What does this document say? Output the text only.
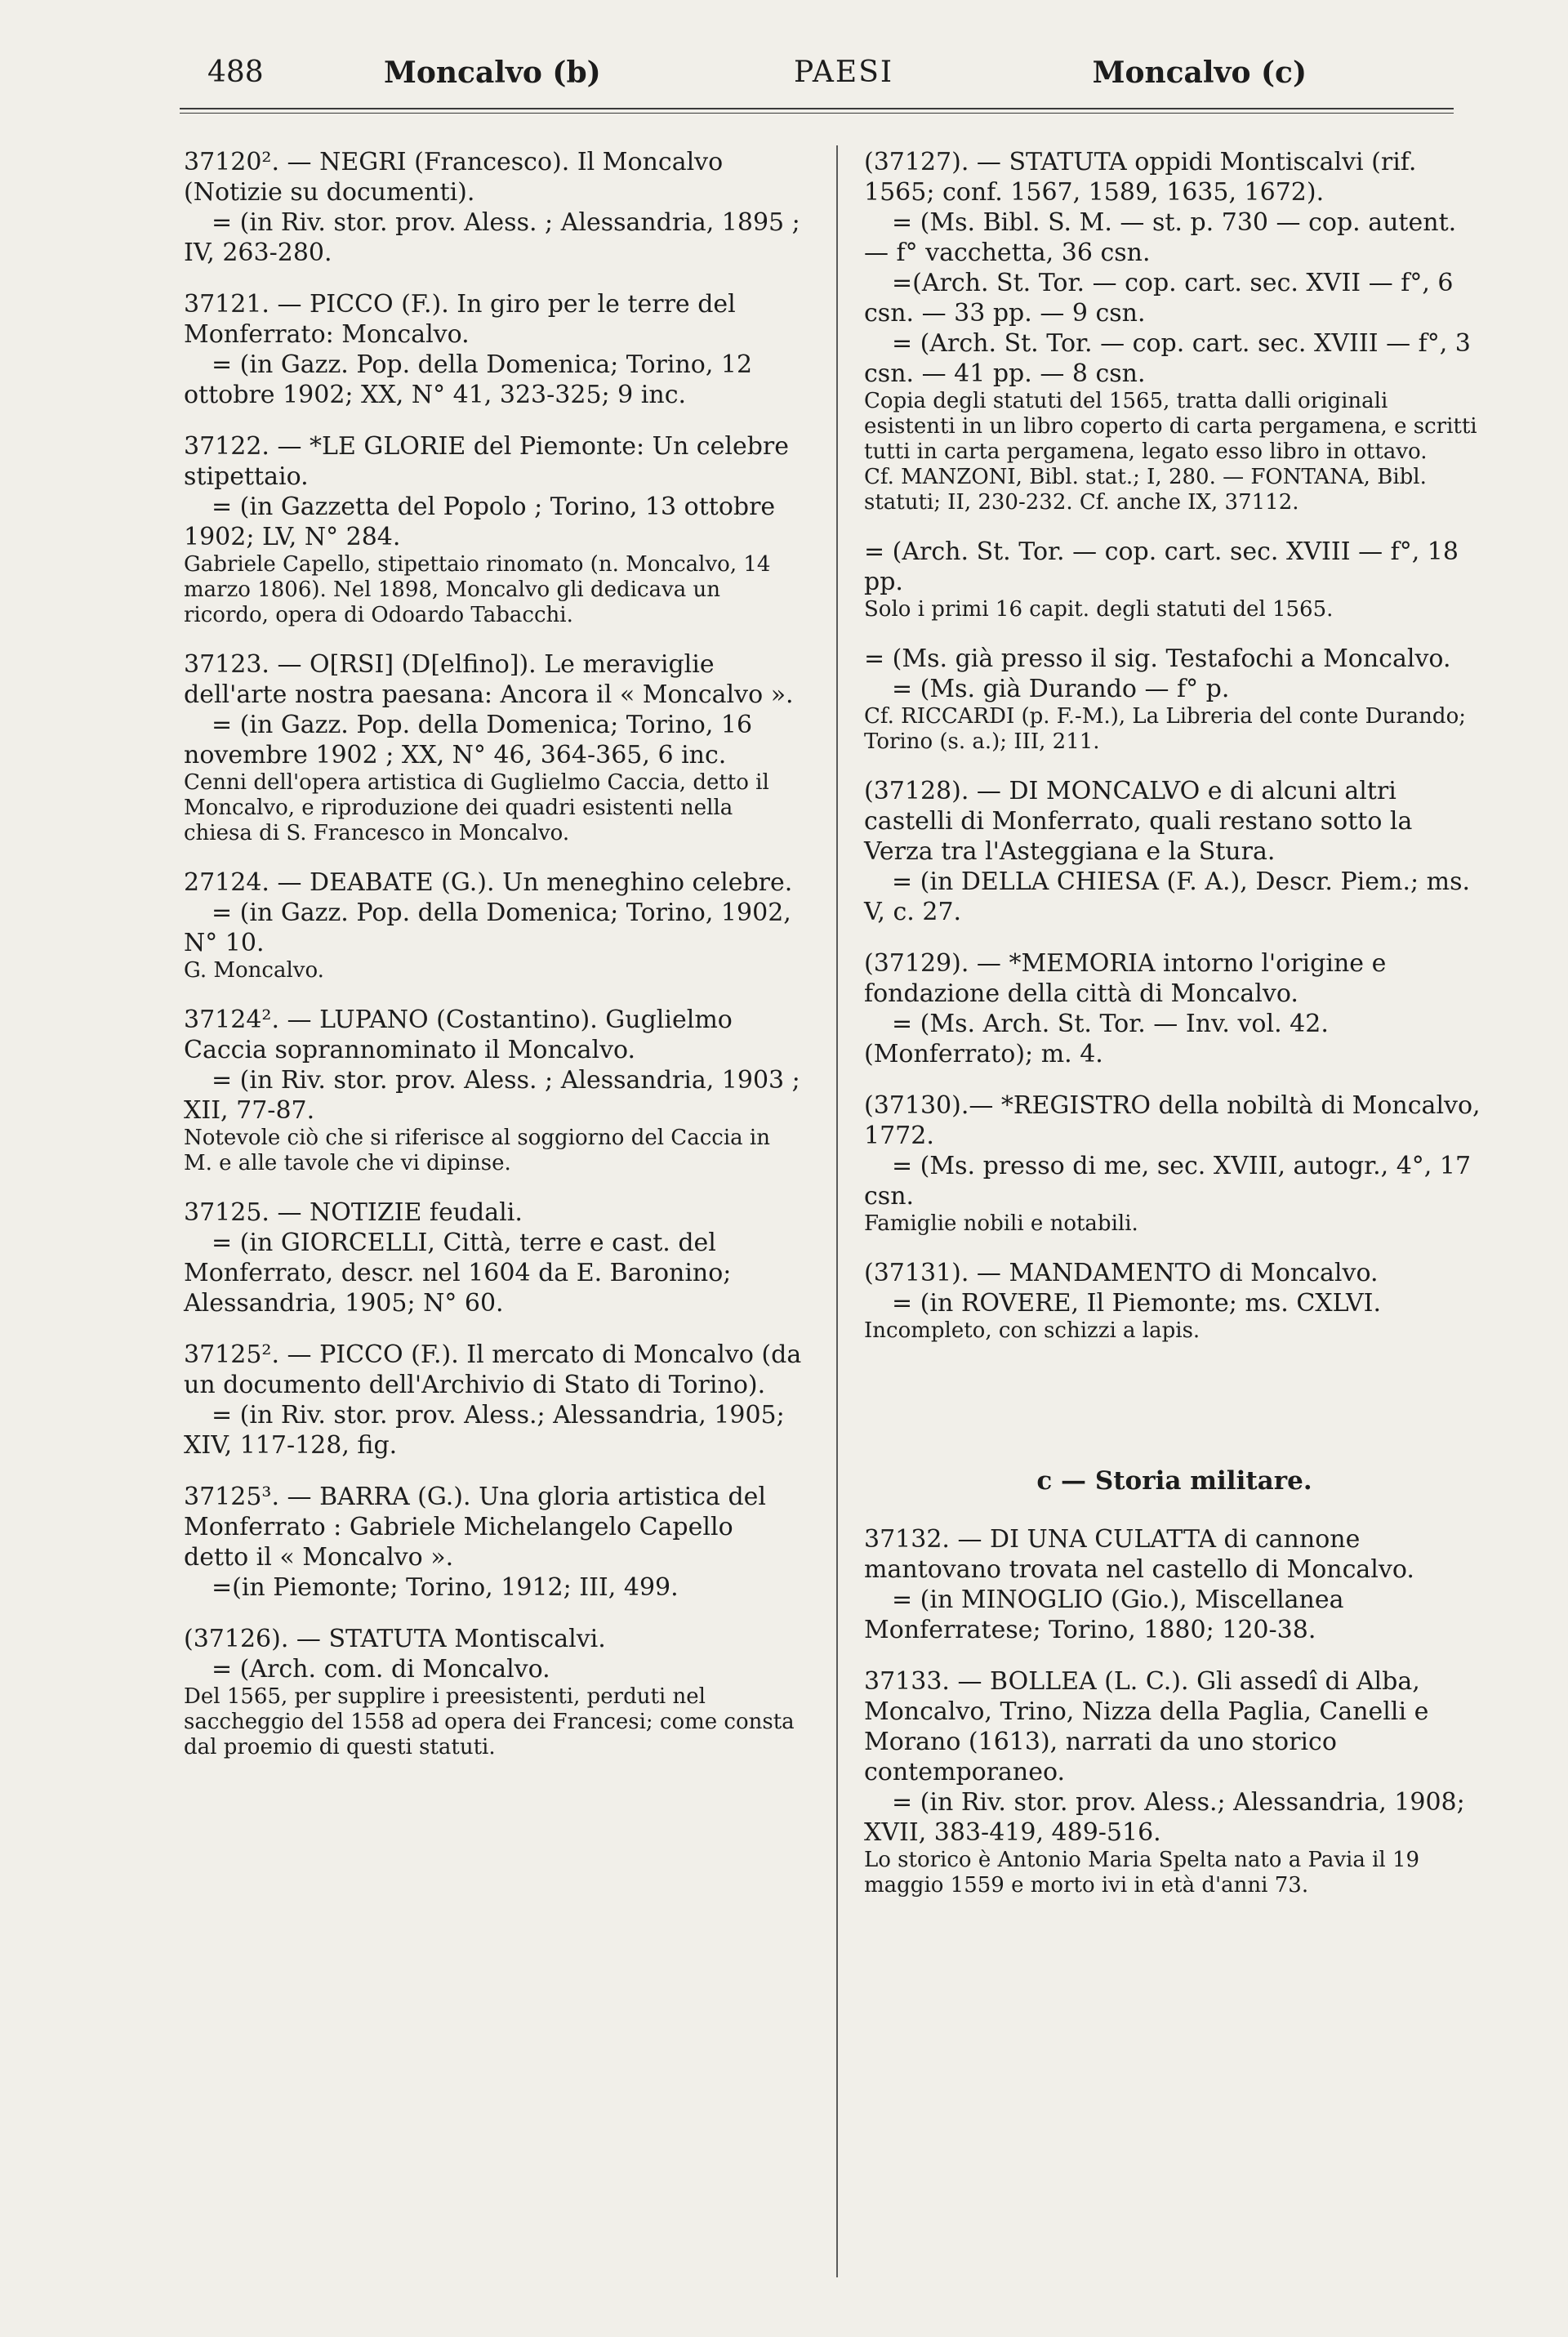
488	Moncalvo (b)	PAESI	Moncalvo (c)

37120². — NEGRI (Francesco). Il Moncalvo (Notizie su documenti).

= (in Riv. stor. prov. Aless. ; Alessandria, 1895 ; IV, 263-280.

37121. — PICCO (F.). In giro per le terre del Monferrato: Moncalvo.

= (in Gazz. Pop. della Domenica; Torino, 12 ottobre 1902; XX, N° 41, 323-325; 9 inc.

37122. — *LE GLORIE del Piemonte: Un celebre stipettaio.

= (in Gazzetta del Popolo ; Torino, 13 ottobre 1902; LV, N° 284.

Gabriele Capello, stipettaio rinomato (n. Moncalvo, 14 marzo 1806). Nel 1898, Moncalvo gli dedicava un ricordo, opera di Odoardo Tabacchi.

37123. — O[RSI] (D[elfino]). Le meraviglie dell'arte nostra paesana: Ancora il « Moncalvo ».

= (in Gazz. Pop. della Domenica; Torino, 16 novembre 1902 ; XX, N° 46, 364-365, 6 inc.

Cenni dell'opera artistica di Guglielmo Caccia, detto il Moncalvo, e riproduzione dei quadri esistenti nella chiesa di S. Francesco in Moncalvo.

27124. — DEABATE (G.). Un meneghino celebre.

= (in Gazz. Pop. della Domenica; Torino, 1902, N° 10.

G. Moncalvo.

37124². — LUPANO (Costantino). Guglielmo Caccia soprannominato il Moncalvo.

= (in Riv. stor. prov. Aless. ; Alessandria, 1903 ; XII, 77-87.

Notevole ciò che si riferisce al soggiorno del Caccia in M. e alle tavole che vi dipinse.

37125. — NOTIZIE feudali.

= (in GIORCELLI, Città, terre e cast. del Monferrato, descr. nel 1604 da E. Baronino; Alessandria, 1905; N° 60.

37125². — PICCO (F.). Il mercato di Moncalvo (da un documento dell'Archivio di Stato di Torino).

= (in Riv. stor. prov. Aless.; Alessandria, 1905; XIV, 117-128, fig.

37125³. — BARRA (G.). Una gloria artistica del Monferrato : Gabriele Michelangelo Capello detto il « Moncalvo ».

=(in Piemonte; Torino, 1912; III, 499.

(37126). — STATUTA Montiscalvi.

= (Arch. com. di Moncalvo.

Del 1565, per supplire i preesistenti, perduti nel saccheggio del 1558 ad opera dei Francesi; come consta dal proemio di questi statuti.

(37127). — STATUTA oppidi Montiscalvi (rif. 1565; conf. 1567, 1589, 1635, 1672).

= (Ms. Bibl. S. M. — st. p. 730 — cop. autent. — f° vacchetta, 36 csn.

=(Arch. St. Tor. — cop. cart. sec. XVII — f°, 6 csn. — 33 pp. — 9 csn.

= (Arch. St. Tor. — cop. cart. sec. XVIII — f°, 3 csn. — 41 pp. — 8 csn.

Copia degli statuti del 1565, tratta dalli originali esistenti in un libro coperto di carta pergamena, e scritti tutti in carta pergamena, legato esso libro in ottavo.

Cf. MANZONI, Bibl. stat.; I, 280. — FONTANA, Bibl. statuti; II, 230-232. Cf. anche IX, 37112.

= (Arch. St. Tor. — cop. cart. sec. XVIII — f°, 18 pp.

Solo i primi 16 capit. degli statuti del 1565.

= (Ms. già presso il sig. Testafochi a Moncalvo.

= (Ms. già Durando — f° p.

Cf. RICCARDI (p. F.-M.), La Libreria del conte Durando; Torino (s. a.); III, 211.

(37128). — DI MONCALVO e di alcuni altri castelli di Monferrato, quali restano sotto la Verza tra l'Asteggiana e la Stura.

= (in DELLA CHIESA (F. A.), Descr. Piem.; ms. V, c. 27.

(37129). — *MEMORIA intorno l'origine e fondazione della città di Moncalvo.

= (Ms. Arch. St. Tor. — Inv. vol. 42. (Monferrato); m. 4.

(37130).— *REGISTRO della nobiltà di Moncalvo, 1772.

= (Ms. presso di me, sec. XVIII, autogr., 4°, 17 csn.

Famiglie nobili e notabili.

(37131). — MANDAMENTO di Moncalvo.

= (in ROVERE, Il Piemonte; ms. CXLVI.

Incompleto, con schizzi a lapis.

c — Storia militare.

37132. — DI UNA CULATTA di cannone mantovano trovata nel castello di Moncalvo.

= (in MINOGLIO (Gio.), Miscellanea Monferratese; Torino, 1880; 120-38.

37133. — BOLLEA (L. C.). Gli assedî di Alba, Moncalvo, Trino, Nizza della Paglia, Canelli e Morano (1613), narrati da uno storico contemporaneo.

= (in Riv. stor. prov. Aless.; Alessandria, 1908; XVII, 383-419, 489-516.

Lo storico è Antonio Maria Spelta nato a Pavia il 19 maggio 1559 e morto ivi in età d'anni 73.
